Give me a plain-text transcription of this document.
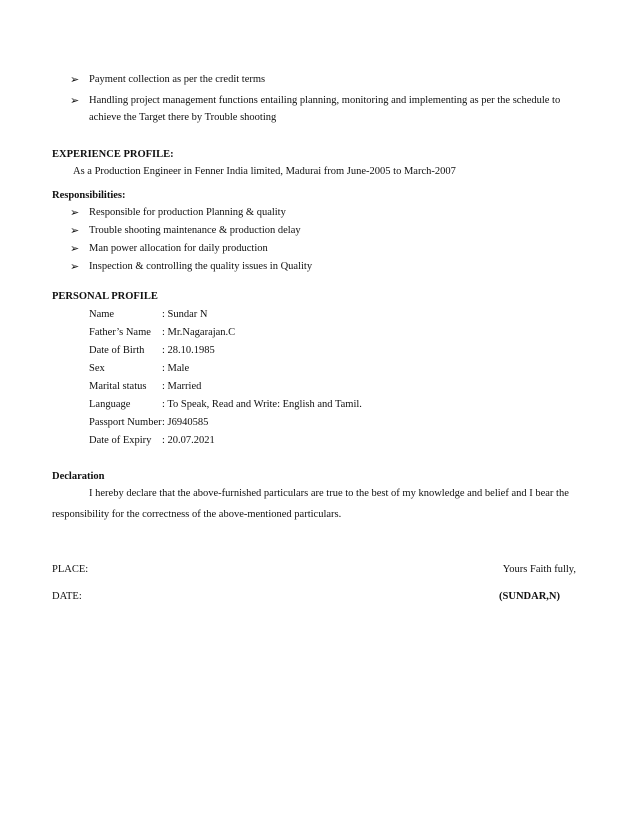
➢ Payment collection as per the credit terms
➢ Handling project management functions entailing planning, monitoring and implementing as per the schedule to
achieve the Target there by Trouble shooting
EXPERIENCE PROFILE:
As a Production Engineer in Fenner India limited, Madurai from June-2005 to March-2007
Responsibilities:
➢ Responsible for production Planning & quality
➢ Trouble shooting maintenance & production delay
➢ Man power allocation for daily production
➢ Inspection & controlling the quality issues in Quality
PERSONAL PROFILE
Name	: Sundar N
Father’s Name : Mr.Nagarajan.C
Date of Birth : 28.10.1985
Sex	: Male
Marital status : Married
Language	: To Speak, Read and Write: English and Tamil.
Passport Number : J6940585
Date of Expiry : 20.07.2021
Declaration
I hereby declare that the above-furnished particulars are true to the best of my knowledge and belief and I bear the
responsibility for the correctness of the above-mentioned particulars.
PLACE:	Yours Faith fully,
DATE:	(SUNDAR,N)
